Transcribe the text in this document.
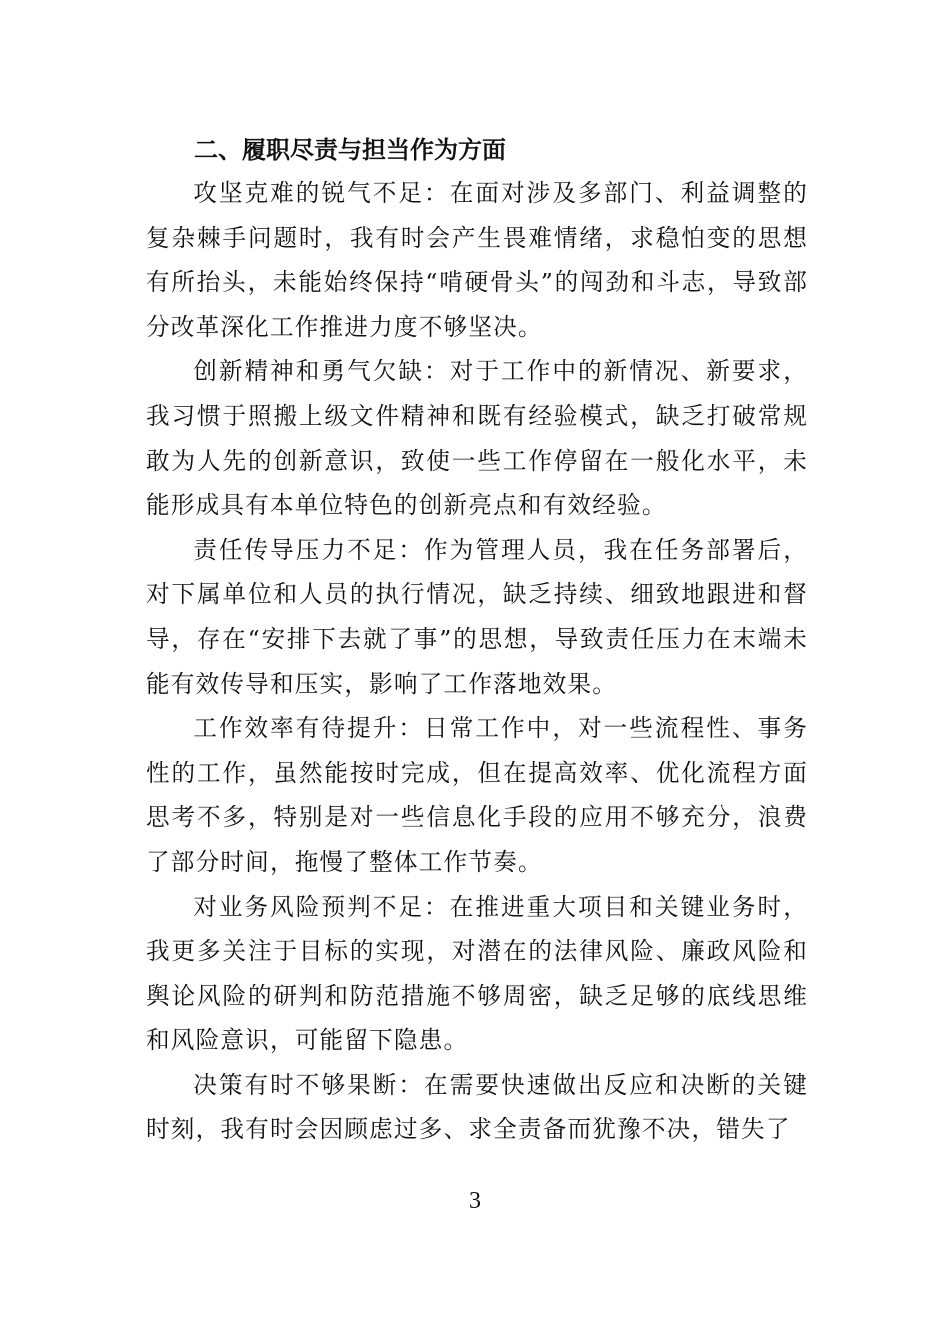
二、履职尽责与担当作为方面

攻坚克难的锐气不足：在面对涉及多部门、利益调整的复杂棘手问题时，我有时会产生畏难情绪，求稳怕变的思想有所抬头，未能始终保持“啃硬骨头”的闯劲和斗志，导致部分改革深化工作推进力度不够坚决。

创新精神和勇气欠缺：对于工作中的新情况、新要求，我习惯于照搬上级文件精神和既有经验模式，缺乏打破常规敢为人先的创新意识，致使一些工作停留在一般化水平，未能形成具有本单位特色的创新亮点和有效经验。

责任传导压力不足：作为管理人员，我在任务部署后，对下属单位和人员的执行情况，缺乏持续、细致地跟进和督导，存在“安排下去就了事”的思想，导致责任压力在末端未能有效传导和压实，影响了工作落地效果。

工作效率有待提升：日常工作中，对一些流程性、事务性的工作，虽然能按时完成，但在提高效率、优化流程方面思考不多，特别是对一些信息化手段的应用不够充分，浪费了部分时间，拖慢了整体工作节奏。

对业务风险预判不足：在推进重大项目和关键业务时，我更多关注于目标的实现，对潜在的法律风险、廉政风险和舆论风险的研判和防范措施不够周密，缺乏足够的底线思维和风险意识，可能留下隐患。

决策有时不够果断：在需要快速做出反应和决断的关键时刻，我有时会因顾虑过多、求全责备而犹豫不决，错失了

3
